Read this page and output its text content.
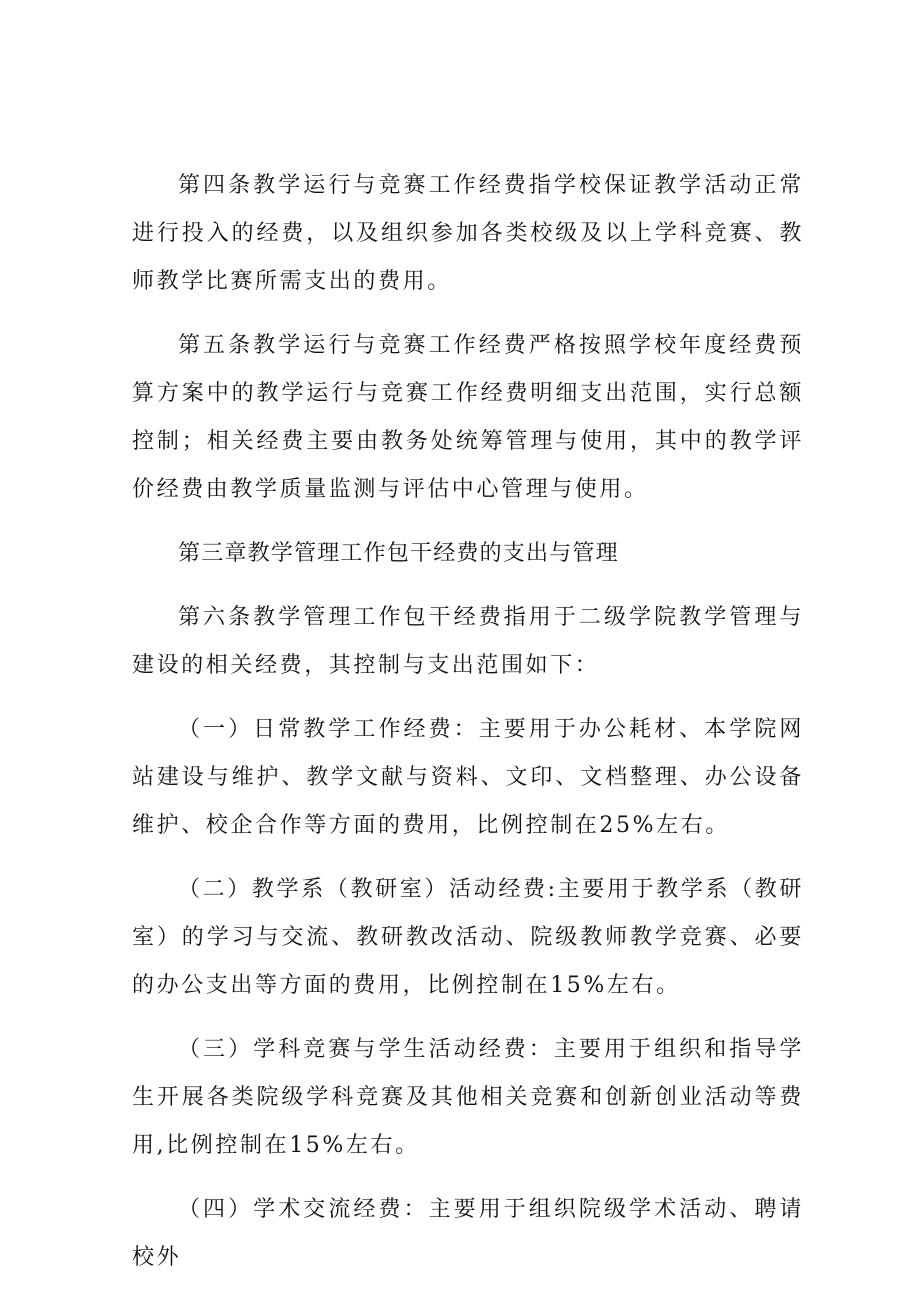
第四条教学运行与竞赛工作经费指学校保证教学活动正常进行投入的经费，以及组织参加各类校级及以上学科竞赛、教师教学比赛所需支出的费用。

第五条教学运行与竞赛工作经费严格按照学校年度经费预算方案中的教学运行与竞赛工作经费明细支出范围，实行总额控制；相关经费主要由教务处统筹管理与使用，其中的教学评价经费由教学质量监测与评估中心管理与使用。

第三章教学管理工作包干经费的支出与管理

第六条教学管理工作包干经费指用于二级学院教学管理与建设的相关经费，其控制与支出范围如下：

（一）日常教学工作经费：主要用于办公耗材、本学院网站建设与维护、教学文献与资料、文印、文档整理、办公设备维护、校企合作等方面的费用，比例控制在25%左右。

（二）教学系（教研室）活动经费:主要用于教学系（教研室）的学习与交流、教研教改活动、院级教师教学竞赛、必要的办公支出等方面的费用，比例控制在15%左右。

（三）学科竞赛与学生活动经费：主要用于组织和指导学生开展各类院级学科竞赛及其他相关竞赛和创新创业活动等费用,比例控制在15%左右。

（四）学术交流经费：主要用于组织院级学术活动、聘请校外
